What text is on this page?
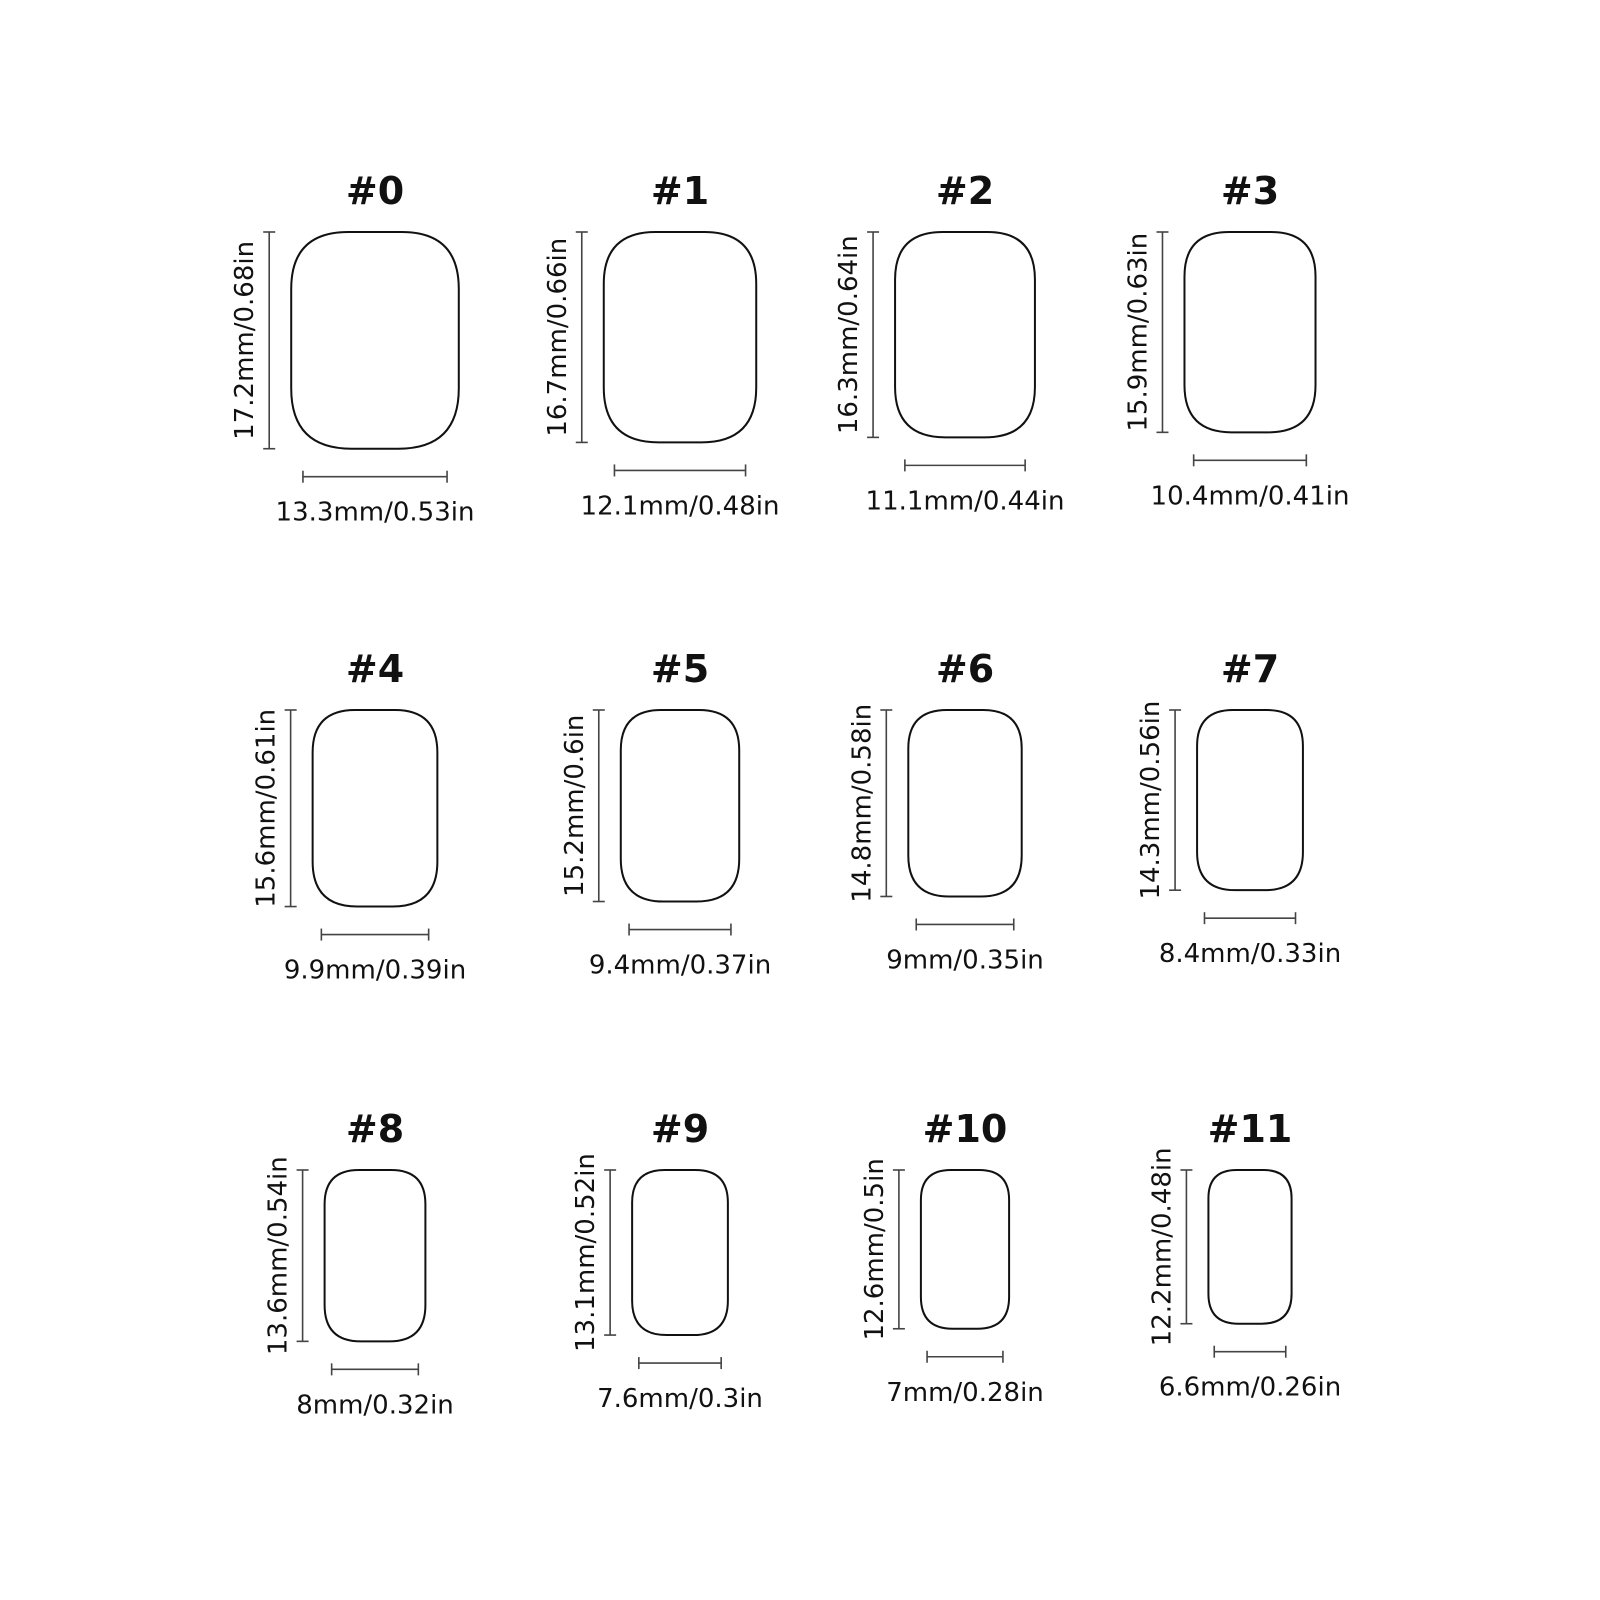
#0
17.2mm/0.68in
13.3mm/0.53in
#1
16.7mm/0.66in
12.1mm/0.48in
#2
16.3mm/0.64in
11.1mm/0.44in
#3
15.9mm/0.63in
10.4mm/0.41in
#4
15.6mm/0.61in
9.9mm/0.39in
#5
15.2mm/0.6in
9.4mm/0.37in
#6
14.8mm/0.58in
9mm/0.35in
#7
14.3mm/0.56in
8.4mm/0.33in
#8
13.6mm/0.54in
8mm/0.32in
#9
13.1mm/0.52in
7.6mm/0.3in
#10
12.6mm/0.5in
7mm/0.28in
#11
12.2mm/0.48in
6.6mm/0.26in
